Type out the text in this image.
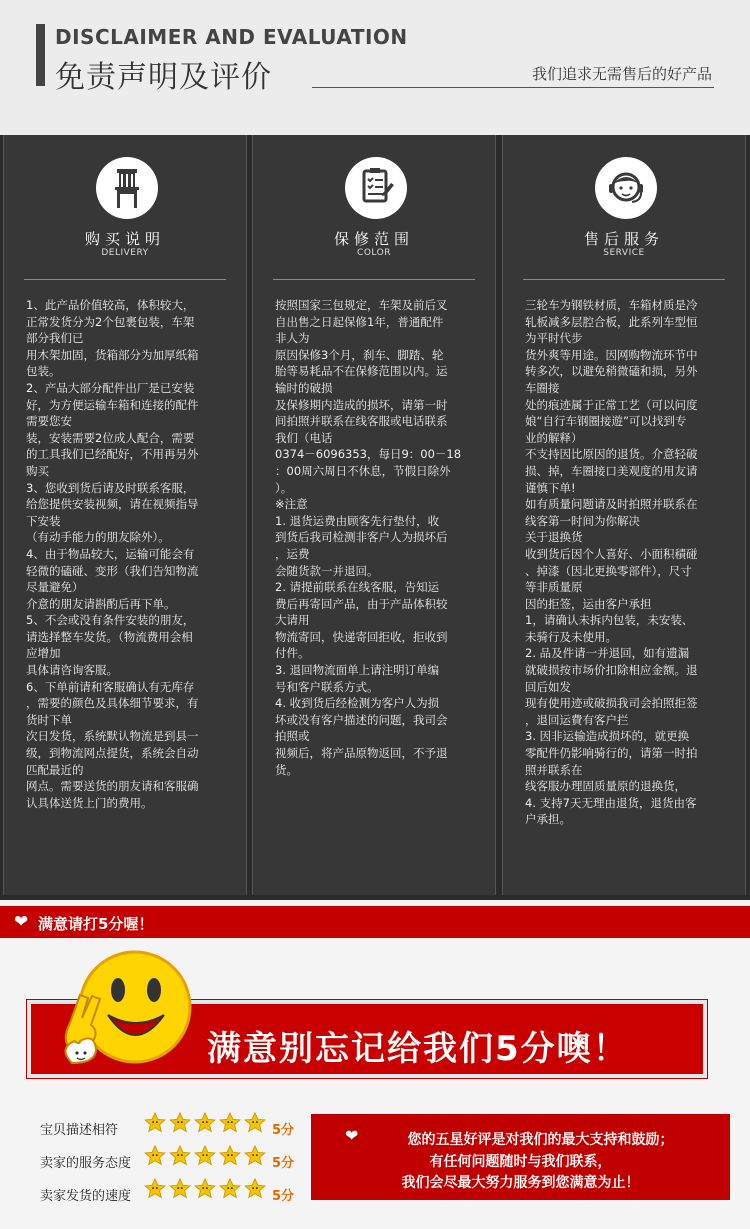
DISCLAIMER AND EVALUATION
免责声明及评价	我们追求无需售后的好产品
购买说明
DELIVERY
1、此产品价值较高，体积较大，
正常发货分为2个包裹包装，车架
部分我们已
用木架加固，货箱部分为加厚纸箱
包装。
2、产品大部分配件出厂是已安装
好，为方便运输车箱和连接的配件
需要您安
装，安装需要2位成人配合，需要
的工具我们已经配好，不用再另外
购买
3、您收到货后请及时联系客服，
给您提供安装视频，请在视频指导
下安装
（有动手能力的朋友除外）。
4、由于物品较大，运输可能会有
轻微的磕碰、变形（我们告知物流
尽量避免）
介意的朋友请斟酌后再下单。
5、不会或没有条件安装的朋友，
请选择整车发货。（物流费用会相
应增加
具体请咨询客服。
6、下单前请和客服确认有无库存
，需要的颜色及具体细节要求，有
货时下单
次日发货，系统默认物流是到县一
级，到物流网点提货，系统会自动
匹配最近的
网点。需要送货的朋友请和客服确
认具体送货上门的费用。
保修范围
COLOR
按照国家三包规定，车架及前后叉
自出售之日起保修1年，普通配件
非人为
原因保修3个月，刹车、脚踏、轮
胎等易耗品不在保修范围以内。运
输时的破损
及保修期内造成的损坏，请第一时
间拍照并联系在线客服或电话联系
我们（电话
0374－6096353，每日9：00－18
：00周六周日不休息，节假日除外
）。
※注意
1. 退货运费由顾客先行垫付，收
到货后我司检测非客户人为损坏后
，运费
会随货款一并退回。
2. 请提前联系在线客服，告知运
费后再寄回产品，由于产品体积较
大请用
物流寄回，快递寄回拒收，拒收到
付件。
3. 退回物流面单上请注明订单编
号和客户联系方式。
4. 收到货后经检测为客户人为损
坏或没有客户描述的问题，我司会
拍照或
视频后，将产品原物返回，不予退
货。
售后服务
SERVICE
三轮车为钢铁材质，车箱材质是冷
轧板减多层腔合板，此系列车型恒
为平时代步
货外爽等用途。因网购物流环节中
转多次，以避免稍微磕和损，另外
车圈接
处的痕迹属于正常工艺（可以问度
娘“自行车钢圈接遊”可以找到专
业的解释）
不支持因比原因的退货。介意轻破
损、掉，车圈接口美观度的用友请
谨慎下单!
如有质量问题请及时拍照并联系在
线客第一时间为你解决
关于退换货
收到货后因个人喜好、小面积積碰
、掉漆（因北更换零部件），尺寸
等非质量原
因的拒签，运由客户承担
1，请确认未拆内包装，未安装、
未骑行及未使用。
2. 品及件请一并退回，如有遗漏
就破损按市场价扣除相应金额。退
回后如发
现有使用迹或破损我司会拍照拒签
，退回运費有客户拦
3. 因非运输造成损坏的，就更换
零配件仍影响骑行的，请第一时拍
照并联系在
线客服办理固质量原的退换货，
4. 支持7天无理由退货，退货由客
户承担。
❤ 满意请打5分喔！
满意别忘记给我们5分噢！
宝贝描述相符	5分
卖家的服务态度	5分
卖家发货的速度	5分
❤	您的五星好评是对我们的最大支持和鼓励；
有任何问题随时与我们联系，
我们会尽最大努力服务到您满意为止！
